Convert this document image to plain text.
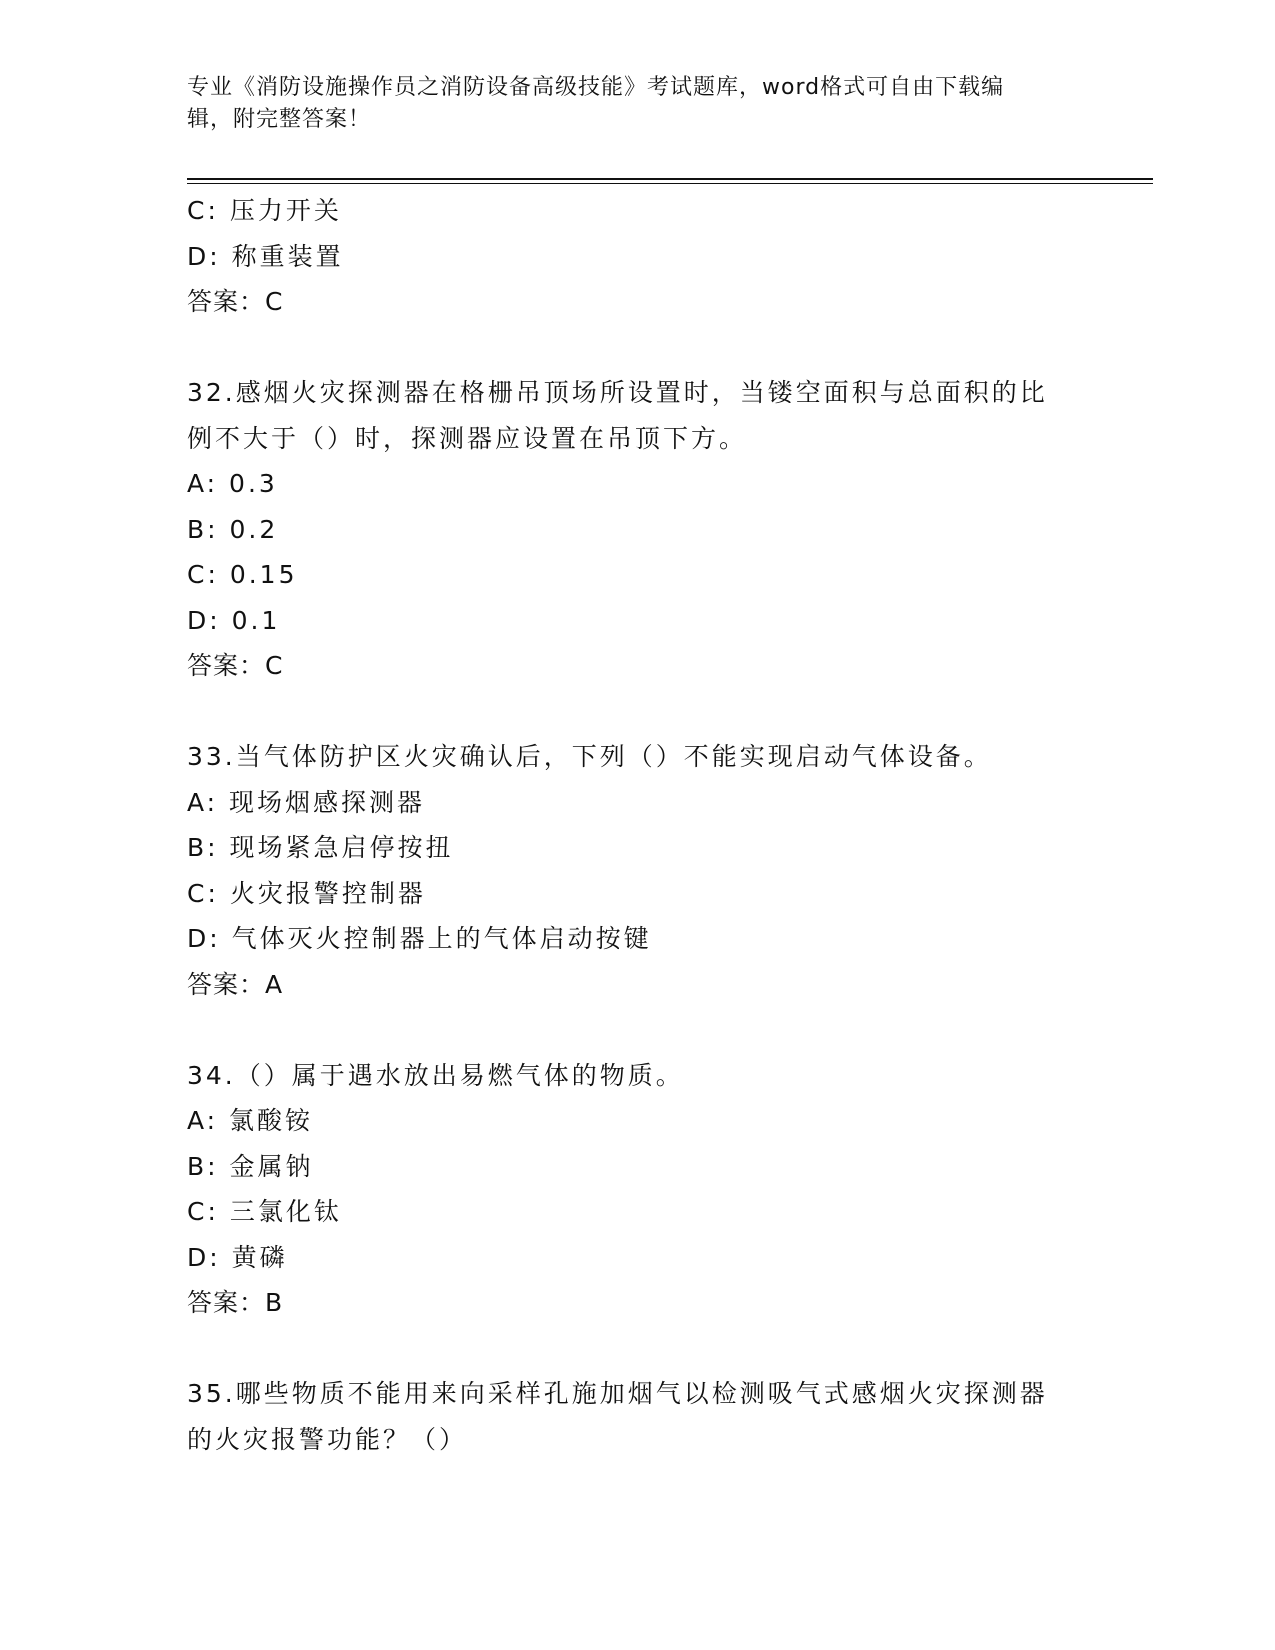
专业《消防设施操作员之消防设备高级技能》考试题库，word格式可自由下载编
辑，附完整答案！
C: 压力开关
D: 称重装置
答案：C
32.感烟火灾探测器在格栅吊顶场所设置时，当镂空面积与总面积的比
例不大于（）时，探测器应设置在吊顶下方。
A: 0.3
B: 0.2
C: 0.15
D: 0.1
答案：C
33.当气体防护区火灾确认后，下列（）不能实现启动气体设备。
A: 现场烟感探测器
B: 现场紧急启停按扭
C: 火灾报警控制器
D: 气体灭火控制器上的气体启动按键
答案：A
34.（）属于遇水放出易燃气体的物质。
A: 氯酸铵
B: 金属钠
C: 三氯化钛
D: 黄磷
答案：B
35.哪些物质不能用来向采样孔施加烟气以检测吸气式感烟火灾探测器
的火灾报警功能？（）
